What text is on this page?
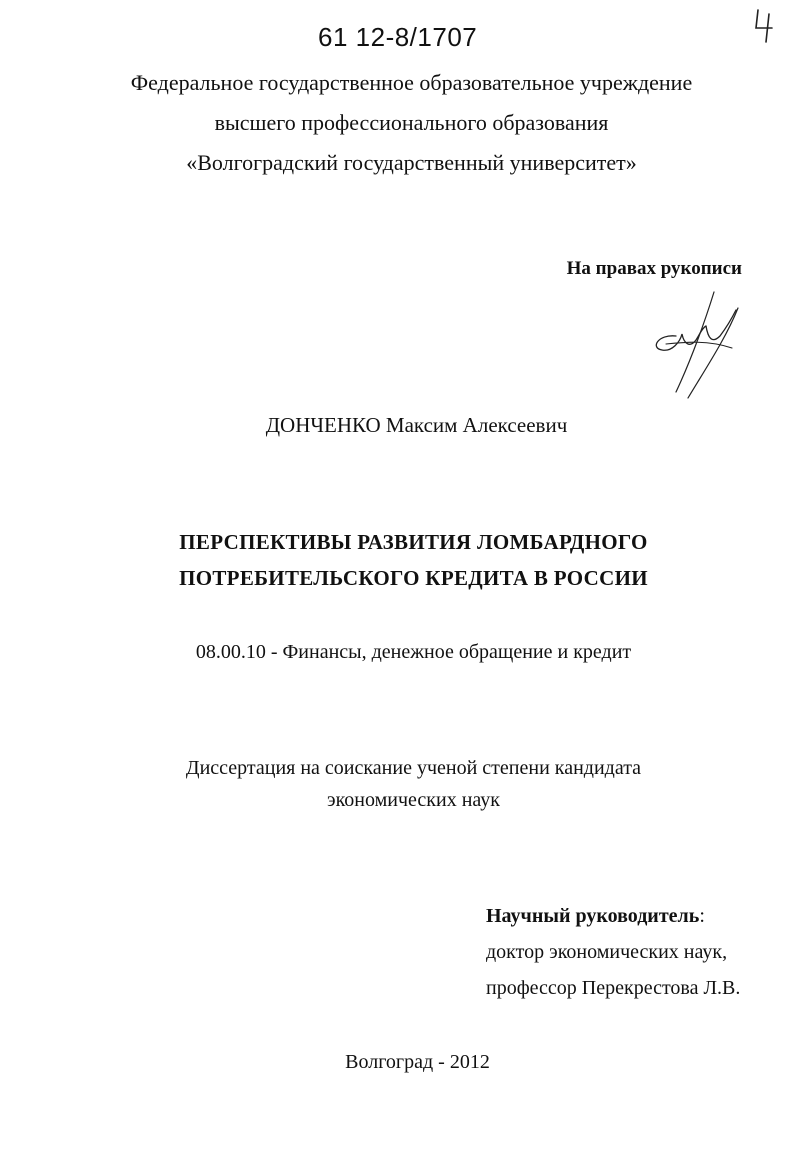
61 12-8/1707
Федеральное государственное образовательное учреждение
высшего профессионального образования
«Волгоградский государственный университет»
На правах рукописи
ДОНЧЕНКО Максим Алексеевич
ПЕРСПЕКТИВЫ РАЗВИТИЯ ЛОМБАРДНОГО
ПОТРЕБИТЕЛЬСКОГО КРЕДИТА В РОССИИ
08.00.10 - Финансы, денежное обращение и кредит
Диссертация на соискание ученой степени кандидата
экономических наук
Научный руководитель:
доктор экономических наук,
профессор Перекрестова Л.В.
Волгоград - 2012
